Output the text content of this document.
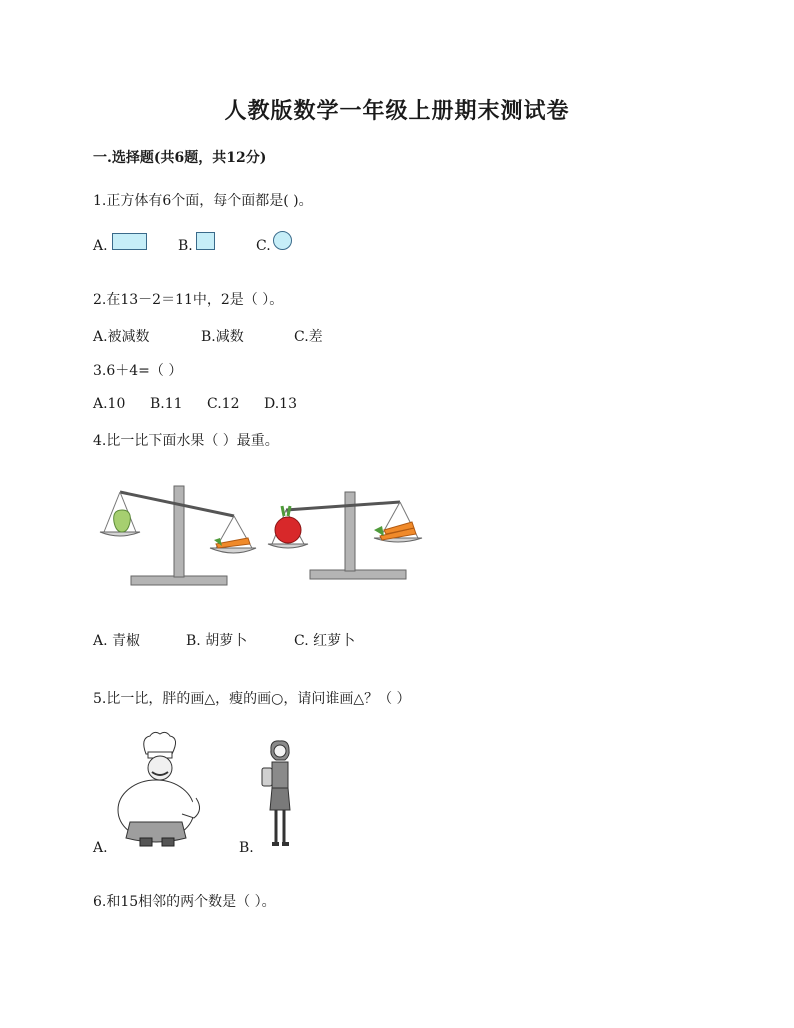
人教版数学一年级上册期末测试卷
一.选择题(共6题，共12分)
1.正方体有6个面，每个面都是( )。
A.	B.	C.
2.在13－2＝11中，2是（ ）。
A.被减数	B.减数	C.差
3.6＋4=（ ）
A.10 B.11 C.12 D.13
4.比一比下面水果（ ）最重。
A. 青椒	B. 胡萝卜	C. 红萝卜
5.比一比，胖的画△，瘦的画○，请问谁画△？（ ）
A.	B.
6.和15相邻的两个数是（ ）。
